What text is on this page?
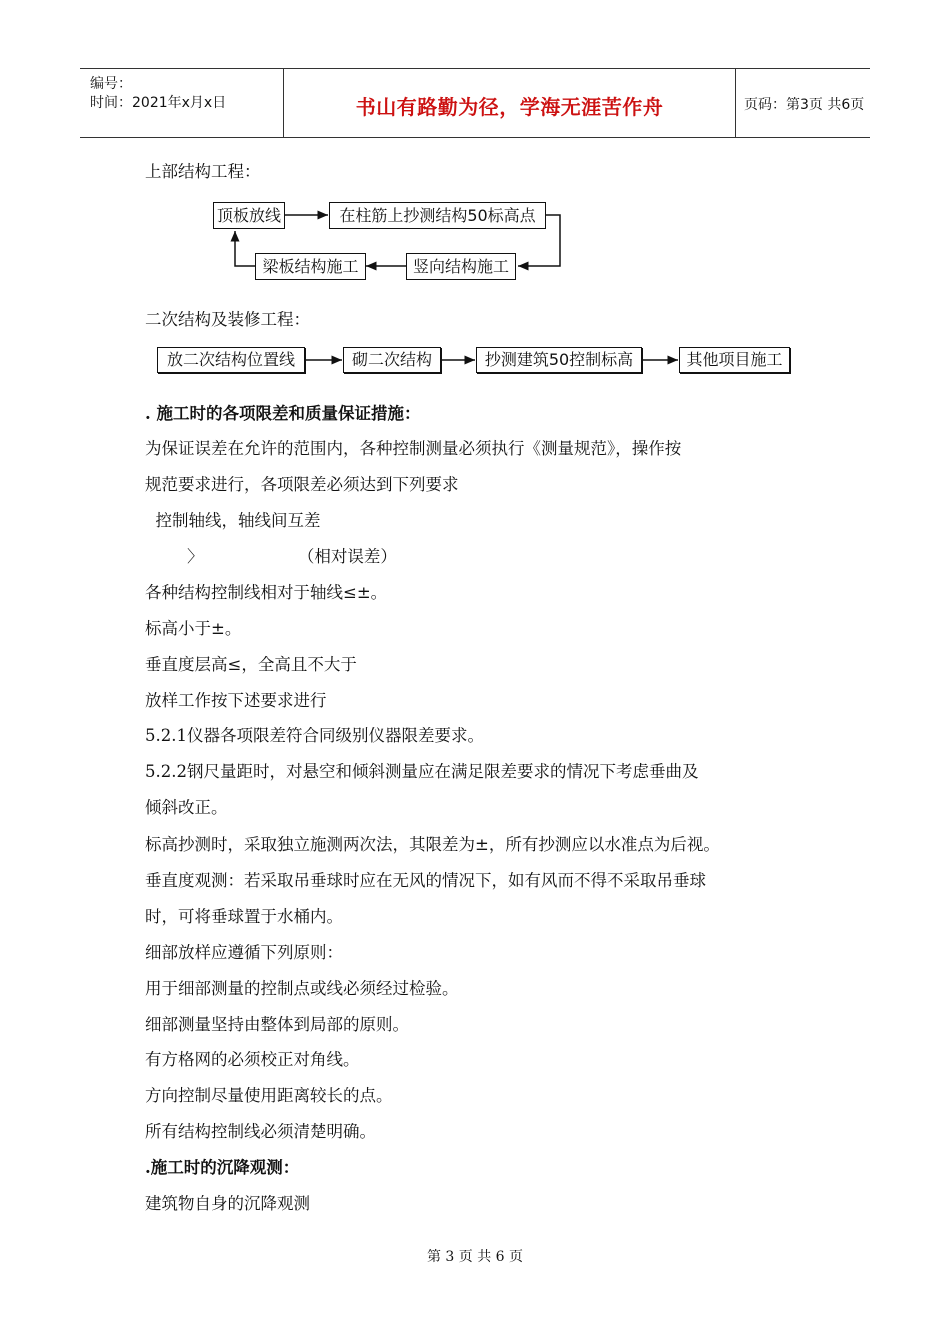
编号：
时间：2021年x月x日	书山有路勤为径，学海无涯苦作舟	页码：第3页 共6页
上部结构工程：
顶板放线	在柱筋上抄测结构50标高点
竖向结构施工
梁板结构施工
二次结构及装修工程：
放二次结构位置线	砌二次结构	抄测建筑50控制标高	其他项目施工
. 施工时的各项限差和质量保证措施：
为保证误差在允许的范围内，各种控制测量必须执行《测量规范》，操作按
规范要求进行，各项限差必须达到下列要求
控制轴线，轴线间互差
〉                  （相对误差）
各种结构控制线相对于轴线≤±。
标高小于±。
垂直度层高≤，全高且不大于
放样工作按下述要求进行
5.2.1仪器各项限差符合同级别仪器限差要求。
5.2.2钢尺量距时，对悬空和倾斜测量应在满足限差要求的情况下考虑垂曲及
倾斜改正。
标高抄测时，采取独立施测两次法，其限差为±，所有抄测应以水准点为后视。
垂直度观测：若采取吊垂球时应在无风的情况下，如有风而不得不采取吊垂球
时，可将垂球置于水桶内。
细部放样应遵循下列原则：
用于细部测量的控制点或线必须经过检验。
细部测量坚持由整体到局部的原则。
有方格网的必须校正对角线。
方向控制尽量使用距离较长的点。
所有结构控制线必须清楚明确。
.施工时的沉降观测：
建筑物自身的沉降观测
第 3 页 共 6 页
